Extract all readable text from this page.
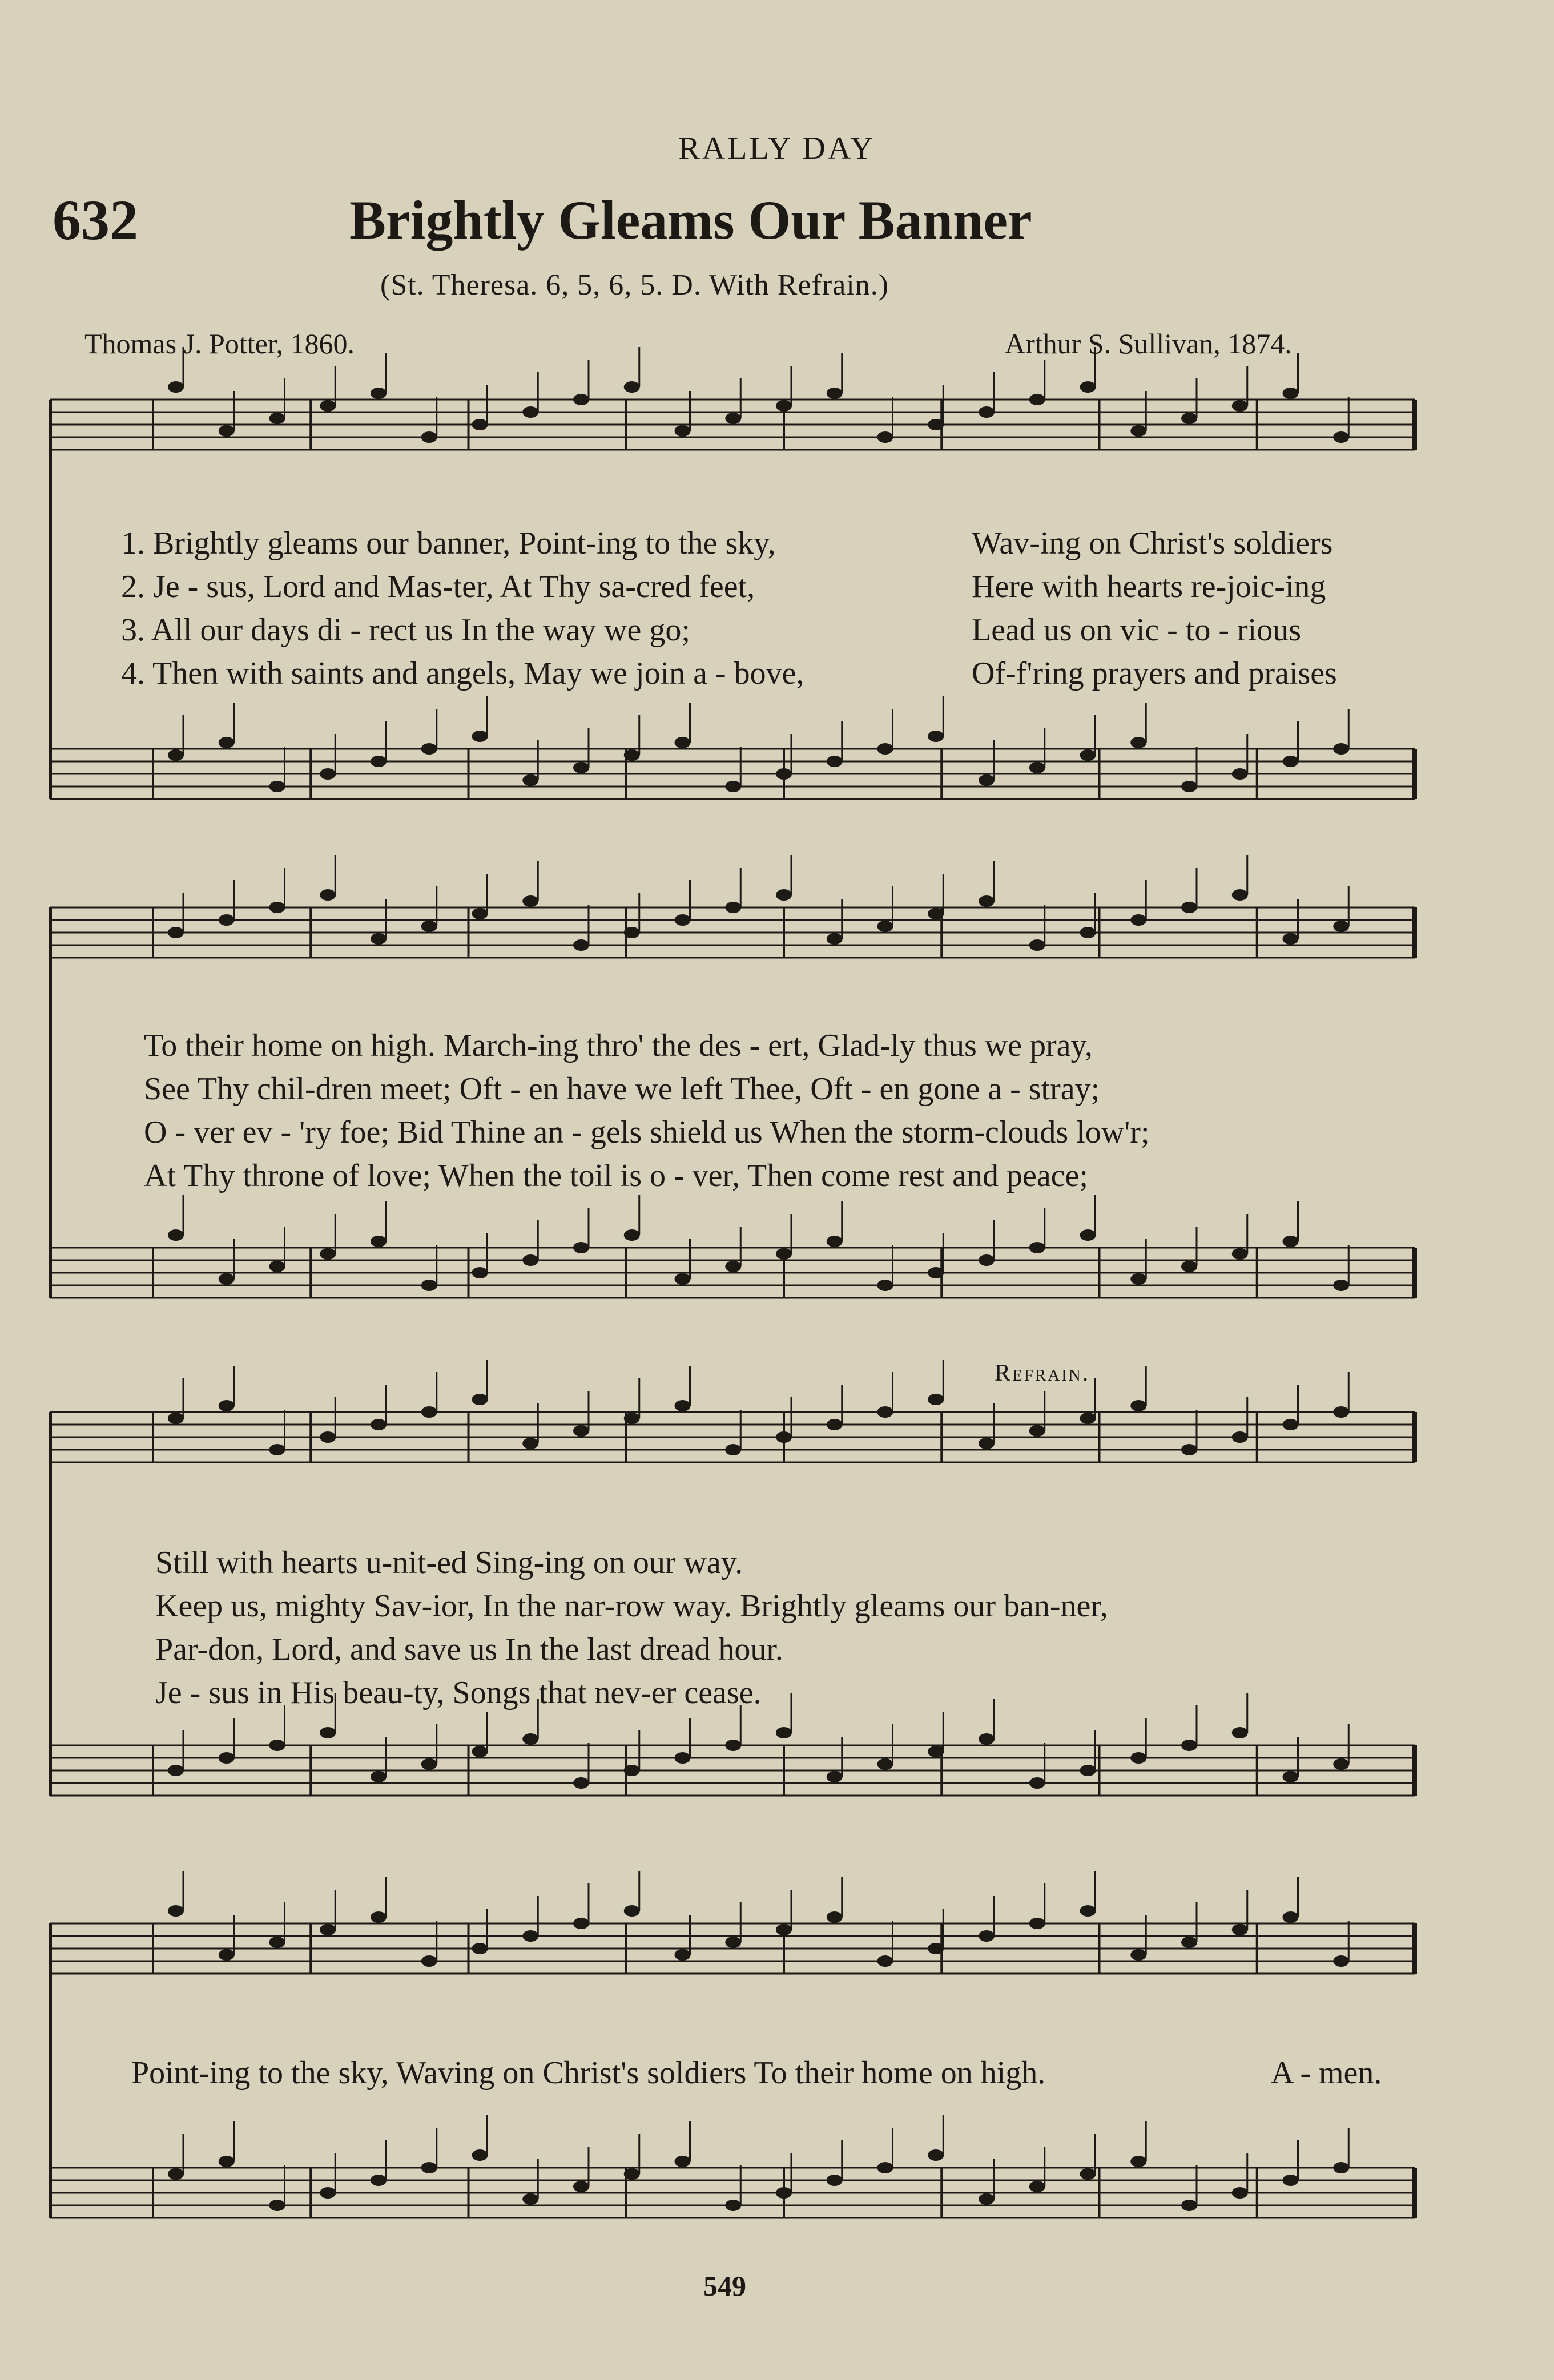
RALLY DAY
632	Brightly Gleams Our Banner
(St. Theresa. 6, 5, 6, 5. D. With Refrain.)
Thomas J. Potter, 1860.	Arthur S. Sullivan, 1874.
1. Brightly gleams our banner, Point-ing to the sky,
2. Je - sus, Lord and Mas-ter, At Thy sa-cred feet,
3. All our days di - rect us In the way we go;
4. Then with saints and angels, May we join a - bove,
Wav-ing on Christ's soldiers
Here with hearts re-joic-ing
Lead us on vic - to - rious
Of-f'ring prayers and praises
To their home on high. March-ing thro' the des - ert, Glad-ly thus we pray,
See Thy chil-dren meet; Oft - en have we left Thee, Oft - en gone a - stray;
O - ver ev - 'ry foe; Bid Thine an - gels shield us When the storm-clouds low'r;
At Thy throne of love; When the toil is o - ver, Then come rest and peace;
Refrain.
Still with hearts u-nit-ed Sing-ing on our way.
Keep us, mighty Sav-ior, In the nar-row way. Brightly gleams our ban-ner,
Par-don, Lord, and save us In the last dread hour.
Je - sus in His beau-ty, Songs that nev-er cease.
Point-ing to the sky, Waving on Christ's soldiers To their home on high.	A - men.
549
